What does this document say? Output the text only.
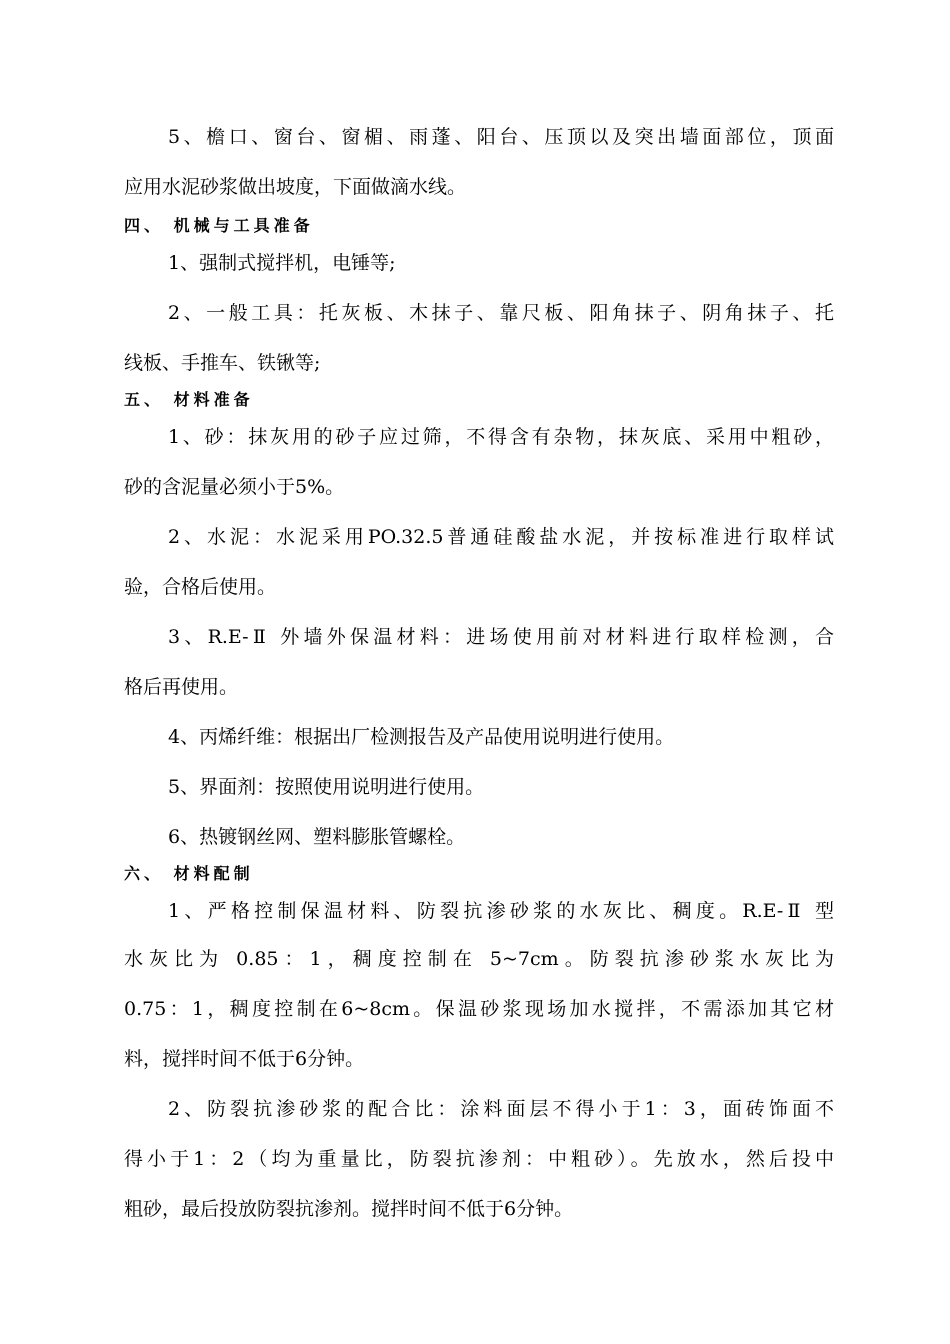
5、檐口、窗台、窗楣、雨蓬、阳台、压顶以及突出墙面部位，顶面
应用水泥砂浆做出坡度，下面做滴水线。
四、 机械与工具准备
1、强制式搅拌机，电锤等;
2、一般工具：托灰板、木抹子、靠尺板、阳角抹子、阴角抹子、托
线板、手推车、铁锹等;
五、 材料准备
1、砂：抹灰用的砂子应过筛，不得含有杂物，抹灰底、采用中粗砂，
砂的含泥量必须小于5%。
2、水泥：水泥采用PO.32.5普通硅酸盐水泥，并按标准进行取样试
验，合格后使用。
3、R.E-Ⅱ 外墙外保温材料：进场使用前对材料进行取样检测，合
格后再使用。
4、丙烯纤维：根据出厂检测报告及产品使用说明进行使用。
5、界面剂：按照使用说明进行使用。
6、热镀钢丝网、塑料膨胀管螺栓。
六、 材料配制
1、严格控制保温材料、防裂抗渗砂浆的水灰比、稠度。R.E-Ⅱ 型
水灰比为 0.85：1，稠度控制在 5~7cm。防裂抗渗砂浆水灰比为
0.75：1，稠度控制在6~8cm。保温砂浆现场加水搅拌，不需添加其它材
料，搅拌时间不低于6分钟。
2、防裂抗渗砂浆的配合比：涂料面层不得小于1：3，面砖饰面不
得小于1：2（均为重量比，防裂抗渗剂：中粗砂）。先放水，然后投中
粗砂，最后投放防裂抗渗剂。搅拌时间不低于6分钟。
